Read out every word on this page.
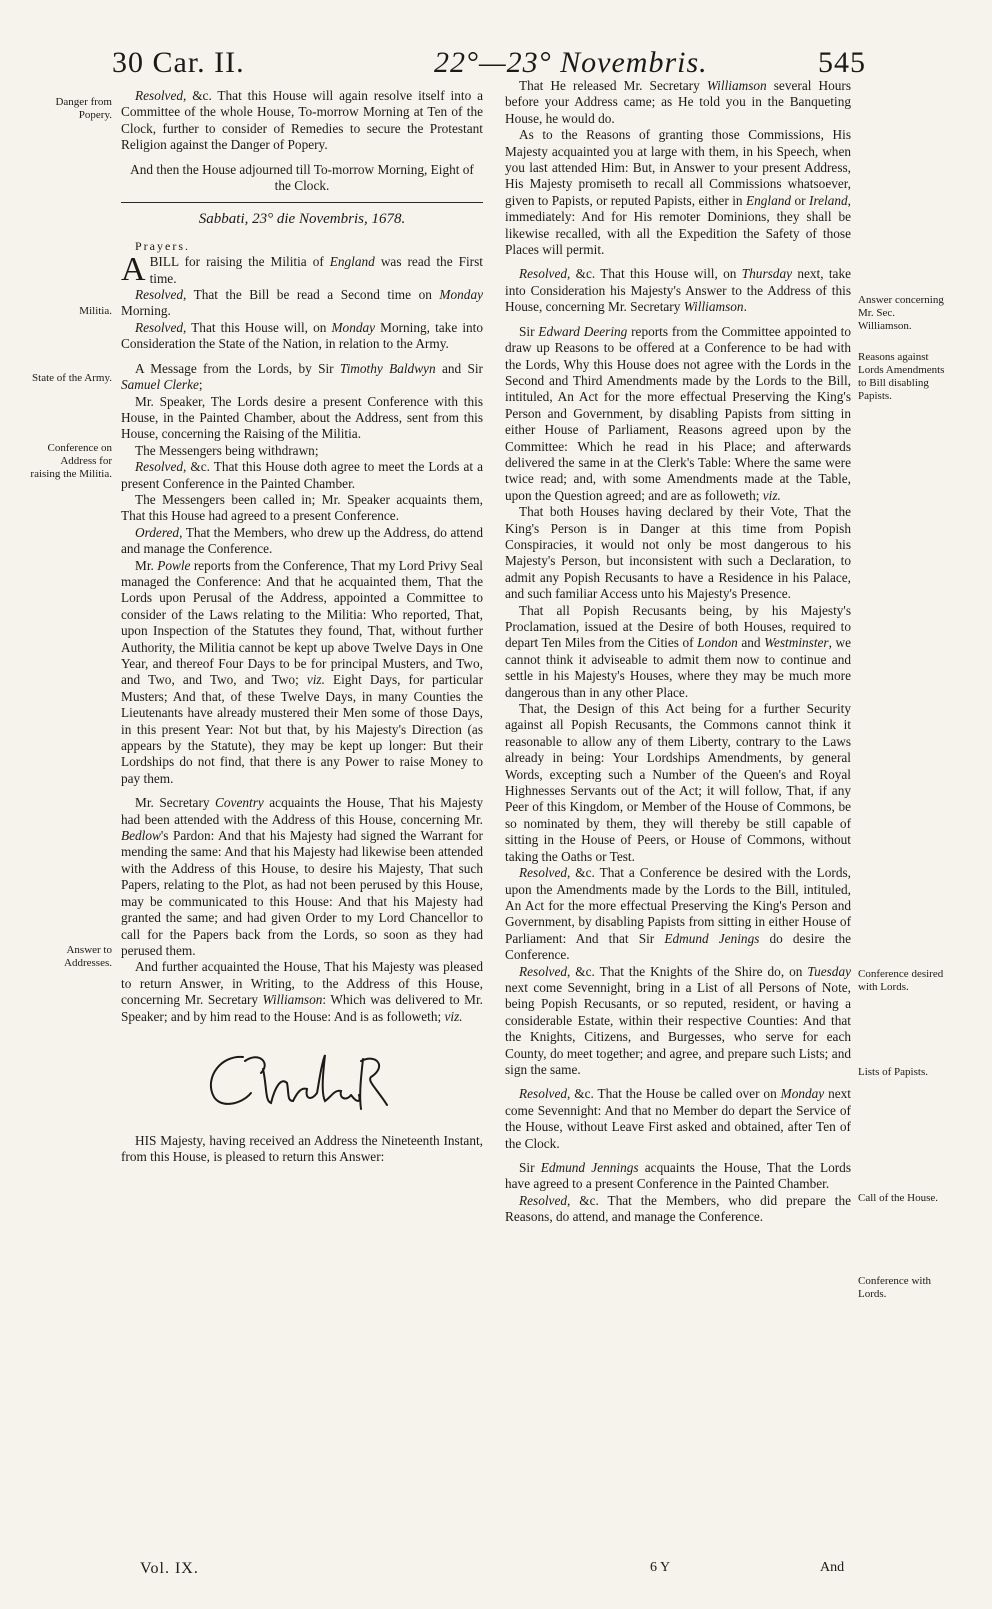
30 Car. II.	22°—23° Novembris.	545
Danger from Popery.
Militia.
State of the Army.
Conference on Address for raising the Militia.
Answer to Addresses.
Answer concerning Mr. Sec. Williamson.
Reasons against Lords Amendments to Bill disabling Papists.
Conference desired with Lords.
Lists of Papists.
Call of the House.
Conference with Lords.

Resolved, &c. That this House will again resolve itself into a Committee of the whole House, To-morrow Morning at Ten of the Clock, further to consider of Remedies to secure the Protestant Religion against the Danger of Popery.

And then the House adjourned till To-morrow Morning, Eight of the Clock.

Sabbati, 23° die Novembris, 1678.

Prayers.

A BILL for raising the Militia of England was read the First time.

Resolved, That the Bill be read a Second time on Monday Morning.

Resolved, That this House will, on Monday Morning, take into Consideration the State of the Nation, in relation to the Army.

A Message from the Lords, by Sir Timothy Baldwyn and Sir Samuel Clerke;

Mr. Speaker, The Lords desire a present Conference with this House, in the Painted Chamber, about the Address, sent from this House, concerning the Raising of the Militia.

The Messengers being withdrawn;

Resolved, &c. That this House doth agree to meet the Lords at a present Conference in the Painted Chamber.

The Messengers been called in; Mr. Speaker acquaints them, That this House had agreed to a present Conference.

Ordered, That the Members, who drew up the Address, do attend and manage the Conference.

Mr. Powle reports from the Conference, That my Lord Privy Seal managed the Conference: And that he acquainted them, That the Lords upon Perusal of the Address, appointed a Committee to consider of the Laws relating to the Militia: Who reported, That, upon Inspection of the Statutes they found, That, without further Authority, the Militia cannot be kept up above Twelve Days in One Year, and thereof Four Days to be for principal Musters, and Two, and Two, and Two, and Two; viz. Eight Days, for particular Musters; And that, of these Twelve Days, in many Counties the Lieutenants have already mustered their Men some of those Days, in this present Year: Not but that, by his Majesty's Direction (as appears by the Statute), they may be kept up longer: But their Lordships do not find, that there is any Power to raise Money to pay them.

Mr. Secretary Coventry acquaints the House, That his Majesty had been attended with the Address of this House, concerning Mr. Bedlow's Pardon: And that his Majesty had signed the Warrant for mending the same: And that his Majesty had likewise been attended with the Address of this House, to desire his Majesty, That such Papers, relating to the Plot, as had not been perused by this House, may be communicated to this House: And that his Majesty had granted the same; and had given Order to my Lord Chancellor to call for the Papers back from the Lords, so soon as they had perused them.

And further acquainted the House, That his Majesty was pleased to return Answer, in Writing, to the Address of this House, concerning Mr. Secretary Williamson: Which was delivered to Mr. Speaker; and by him read to the House: And is as followeth; viz.

HIS Majesty, having received an Address the Nineteenth Instant, from this House, is pleased to return this Answer:

That He released Mr. Secretary Williamson several Hours before your Address came; as He told you in the Banqueting House, he would do.

As to the Reasons of granting those Commissions, His Majesty acquainted you at large with them, in his Speech, when you last attended Him: But, in Answer to your present Address, His Majesty promiseth to recall all Commissions whatsoever, given to Papists, or reputed Papists, either in England or Ireland, immediately: And for His remoter Dominions, they shall be likewise recalled, with all the Expedition the Safety of those Places will permit.

Resolved, &c. That this House will, on Thursday next, take into Consideration his Majesty's Answer to the Address of this House, concerning Mr. Secretary Williamson.

Sir Edward Deering reports from the Committee appointed to draw up Reasons to be offered at a Conference to be had with the Lords, Why this House does not agree with the Lords in the Second and Third Amendments made by the Lords to the Bill, intituled, An Act for the more effectual Preserving the King's Person and Government, by disabling Papists from sitting in either House of Parliament, Reasons agreed upon by the Committee: Which he read in his Place; and afterwards delivered the same in at the Clerk's Table: Where the same were twice read; and, with some Amendments made at the Table, upon the Question agreed; and are as followeth; viz.

That both Houses having declared by their Vote, That the King's Person is in Danger at this time from Popish Conspiracies, it would not only be most dangerous to his Majesty's Person, but inconsistent with such a Declaration, to admit any Popish Recusants to have a Residence in his Palace, and such familiar Access unto his Majesty's Presence.

That all Popish Recusants being, by his Majesty's Proclamation, issued at the Desire of both Houses, required to depart Ten Miles from the Cities of London and Westminster, we cannot think it adviseable to admit them now to continue and settle in his Majesty's Houses, where they may be much more dangerous than in any other Place.

That, the Design of this Act being for a further Security against all Popish Recusants, the Commons cannot think it reasonable to allow any of them Liberty, contrary to the Laws already in being: Your Lordships Amendments, by general Words, excepting such a Number of the Queen's and Royal Highnesses Servants out of the Act; it will follow, That, if any Peer of this Kingdom, or Member of the House of Commons, be so nominated by them, they will thereby be still capable of sitting in the House of Peers, or House of Commons, without taking the Oaths or Test.

Resolved, &c. That a Conference be desired with the Lords, upon the Amendments made by the Lords to the Bill, intituled, An Act for the more effectual Preserving the King's Person and Government, by disabling Papists from sitting in either House of Parliament: And that Sir Edmund Jenings do desire the Conference.

Resolved, &c. That the Knights of the Shire do, on Tuesday next come Sevennight, bring in a List of all Persons of Note, being Popish Recusants, or so reputed, resident, or having a considerable Estate, within their respective Counties: And that the Knights, Citizens, and Burgesses, who serve for each County, do meet together; and agree, and prepare such Lists; and sign the same.

Resolved, &c. That the House be called over on Monday next come Sevennight: And that no Member do depart the Service of the House, without Leave First asked and obtained, after Ten of the Clock.

Sir Edmund Jennings acquaints the House, That the Lords have agreed to a present Conference in the Painted Chamber.

Resolved, &c. That the Members, who did prepare the Reasons, do attend, and manage the Conference.

Vol. IX.	6 Y	And
